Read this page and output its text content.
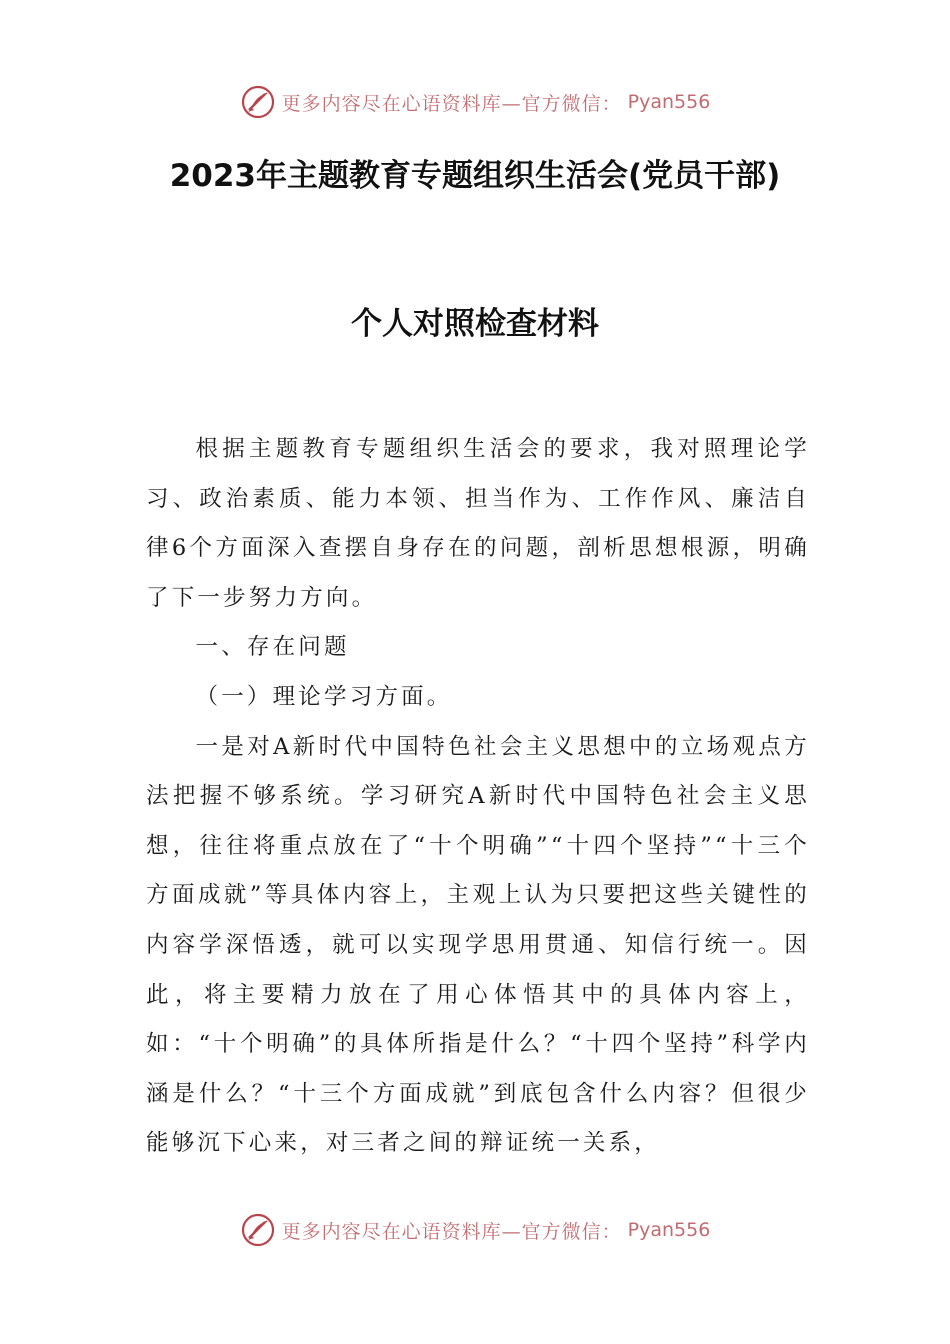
更多内容尽在心语资料库—官方微信： Pyan556
2023年主题教育专题组织生活会(党员干部)
个人对照检查材料

根据主题教育专题组织生活会的要求，我对照理论学习、政治素质、能力本领、担当作为、工作作风、廉洁自律6个方面深入查摆自身存在的问题，剖析思想根源，明确了下一步努力方向。

一、存在问题

（一）理论学习方面。

一是对A新时代中国特色社会主义思想中的立场观点方法把握不够系统。学习研究A新时代中国特色社会主义思想，往往将重点放在了“十个明确”“十四个坚持”“十三个方面成就”等具体内容上，主观上认为只要把这些关键性的内容学深悟透，就可以实现学思用贯通、知信行统一。因此，将主要精力放在了用心体悟其中的具体内容上，如：“十个明确”的具体所指是什么？“十四个坚持”科学内涵是什么？“十三个方面成就”到底包含什么内容？但很少能够沉下心来，对三者之间的辩证统一关系，

更多内容尽在心语资料库—官方微信： Pyan556
